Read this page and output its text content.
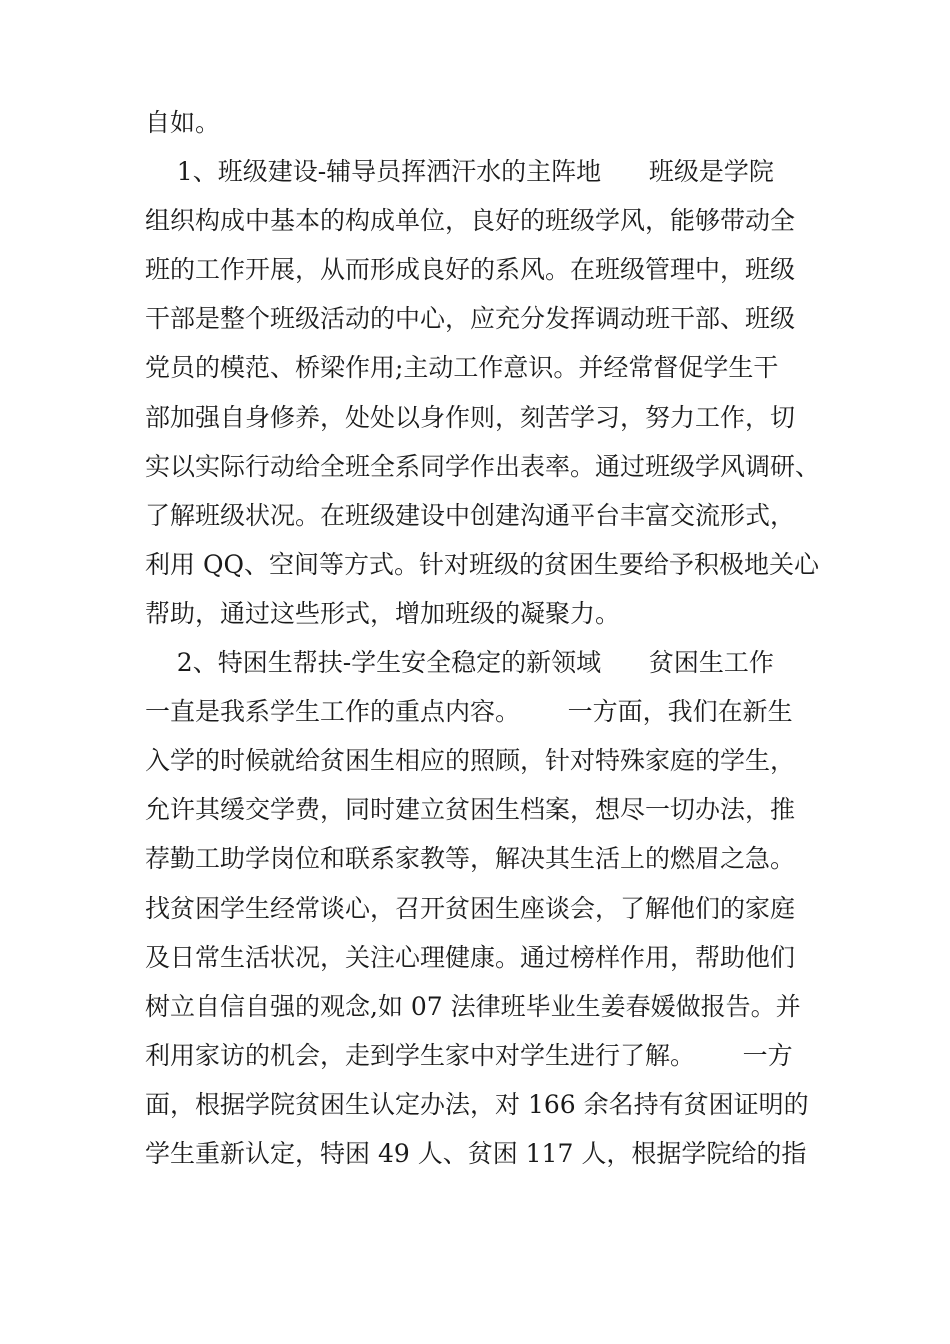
自如。
1、班级建设-辅导员挥洒汗水的主阵地      班级是学院
组织构成中基本的构成单位，良好的班级学风，能够带动全
班的工作开展，从而形成良好的系风。在班级管理中，班级
干部是整个班级活动的中心，应充分发挥调动班干部、班级
党员的模范、桥梁作用;主动工作意识。并经常督促学生干
部加强自身修养，处处以身作则，刻苦学习，努力工作，切
实以实际行动给全班全系同学作出表率。通过班级学风调研、
了解班级状况。在班级建设中创建沟通平台丰富交流形式，
利用 QQ、空间等方式。针对班级的贫困生要给予积极地关心
帮助，通过这些形式，增加班级的凝聚力。
2、特困生帮扶-学生安全稳定的新领域      贫困生工作
一直是我系学生工作的重点内容。      一方面，我们在新生
入学的时候就给贫困生相应的照顾，针对特殊家庭的学生，
允许其缓交学费，同时建立贫困生档案，想尽一切办法，推
荐勤工助学岗位和联系家教等，解决其生活上的燃眉之急。
找贫困学生经常谈心，召开贫困生座谈会，了解他们的家庭
及日常生活状况，关注心理健康。通过榜样作用，帮助他们
树立自信自强的观念,如 07 法律班毕业生姜春媛做报告。并
利用家访的机会，走到学生家中对学生进行了解。      一方
面，根据学院贫困生认定办法，对 166 余名持有贫困证明的
学生重新认定，特困 49 人、贫困 117 人，根据学院给的指
